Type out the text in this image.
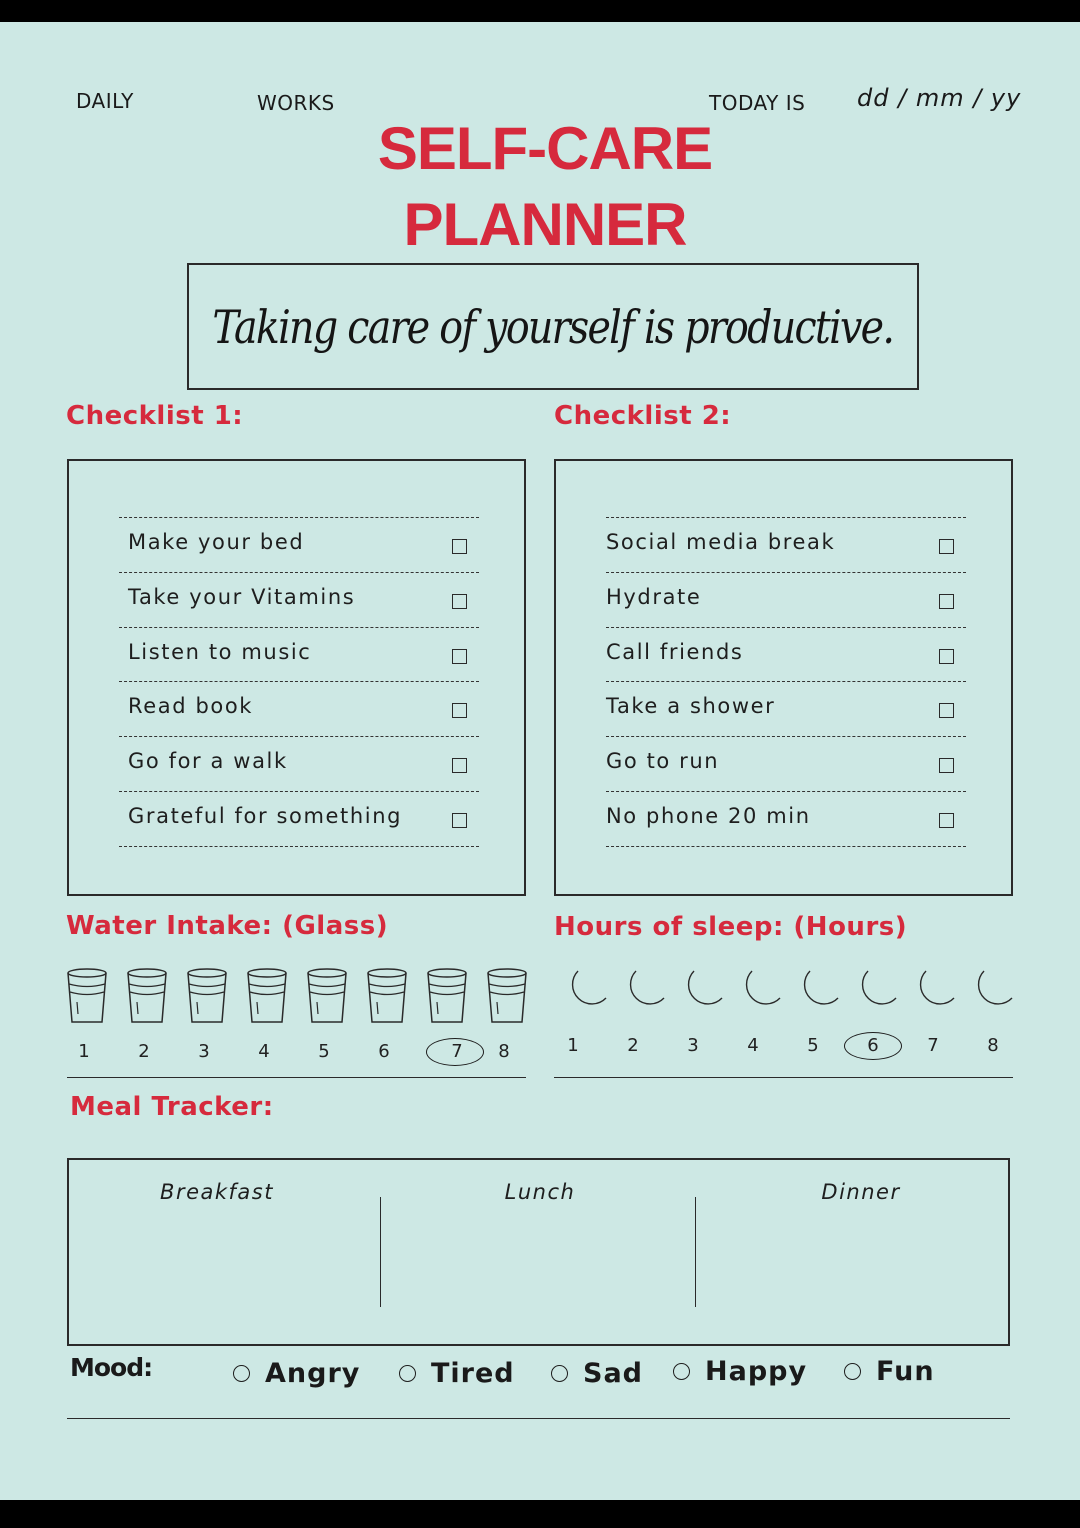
DAILY	WORKS	TODAY IS dd / mm / yy
SELF-CARE
PLANNER
Taking care of yourself is productive.
Checklist 1:
Make your bed
Take your Vitamins
Listen to music
Read book
Go for a walk
Grateful for something
Checklist 2:
Social media break
Hydrate
Call friends
Take a shower
Go to run
No phone 20 min
Water Intake: (Glass)	Hours of sleep: (Hours)
Meal Tracker:
Breakfast	Lunch	Dinner
Mood:	Angry	Tired	Sad Happy	Fun
1	2	3	4	5	6	7	8	1	2	3	4	5	6	7	8
